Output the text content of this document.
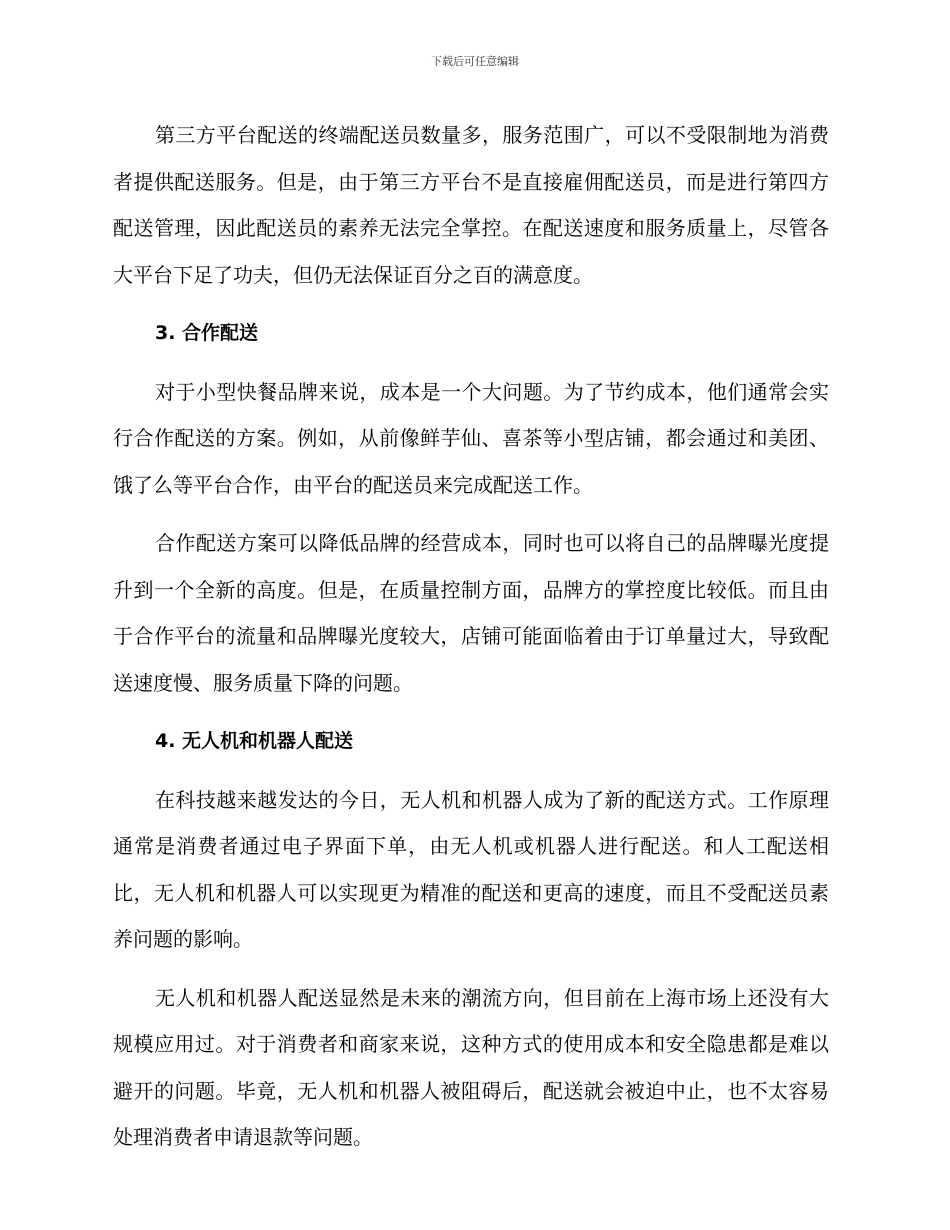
下载后可任意编辑

第三方平台配送的终端配送员数量多，服务范围广，可以不受限制地为消费者提供配送服务。但是，由于第三方平台不是直接雇佣配送员，而是进行第四方配送管理，因此配送员的素养无法完全掌控。在配送速度和服务质量上，尽管各大平台下足了功夫，但仍无法保证百分之百的满意度。

3. 合作配送

对于小型快餐品牌来说，成本是一个大问题。为了节约成本，他们通常会实行合作配送的方案。例如，从前像鲜芋仙、喜茶等小型店铺，都会通过和美团、饿了么等平台合作，由平台的配送员来完成配送工作。

合作配送方案可以降低品牌的经营成本，同时也可以将自己的品牌曝光度提升到一个全新的高度。但是，在质量控制方面，品牌方的掌控度比较低。而且由于合作平台的流量和品牌曝光度较大，店铺可能面临着由于订单量过大，导致配送速度慢、服务质量下降的问题。

4. 无人机和机器人配送

在科技越来越发达的今日，无人机和机器人成为了新的配送方式。工作原理通常是消费者通过电子界面下单，由无人机或机器人进行配送。和人工配送相比，无人机和机器人可以实现更为精准的配送和更高的速度，而且不受配送员素养问题的影响。

无人机和机器人配送显然是未来的潮流方向，但目前在上海市场上还没有大规模应用过。对于消费者和商家来说，这种方式的使用成本和安全隐患都是难以避开的问题。毕竟，无人机和机器人被阻碍后，配送就会被迫中止，也不太容易处理消费者申请退款等问题。
